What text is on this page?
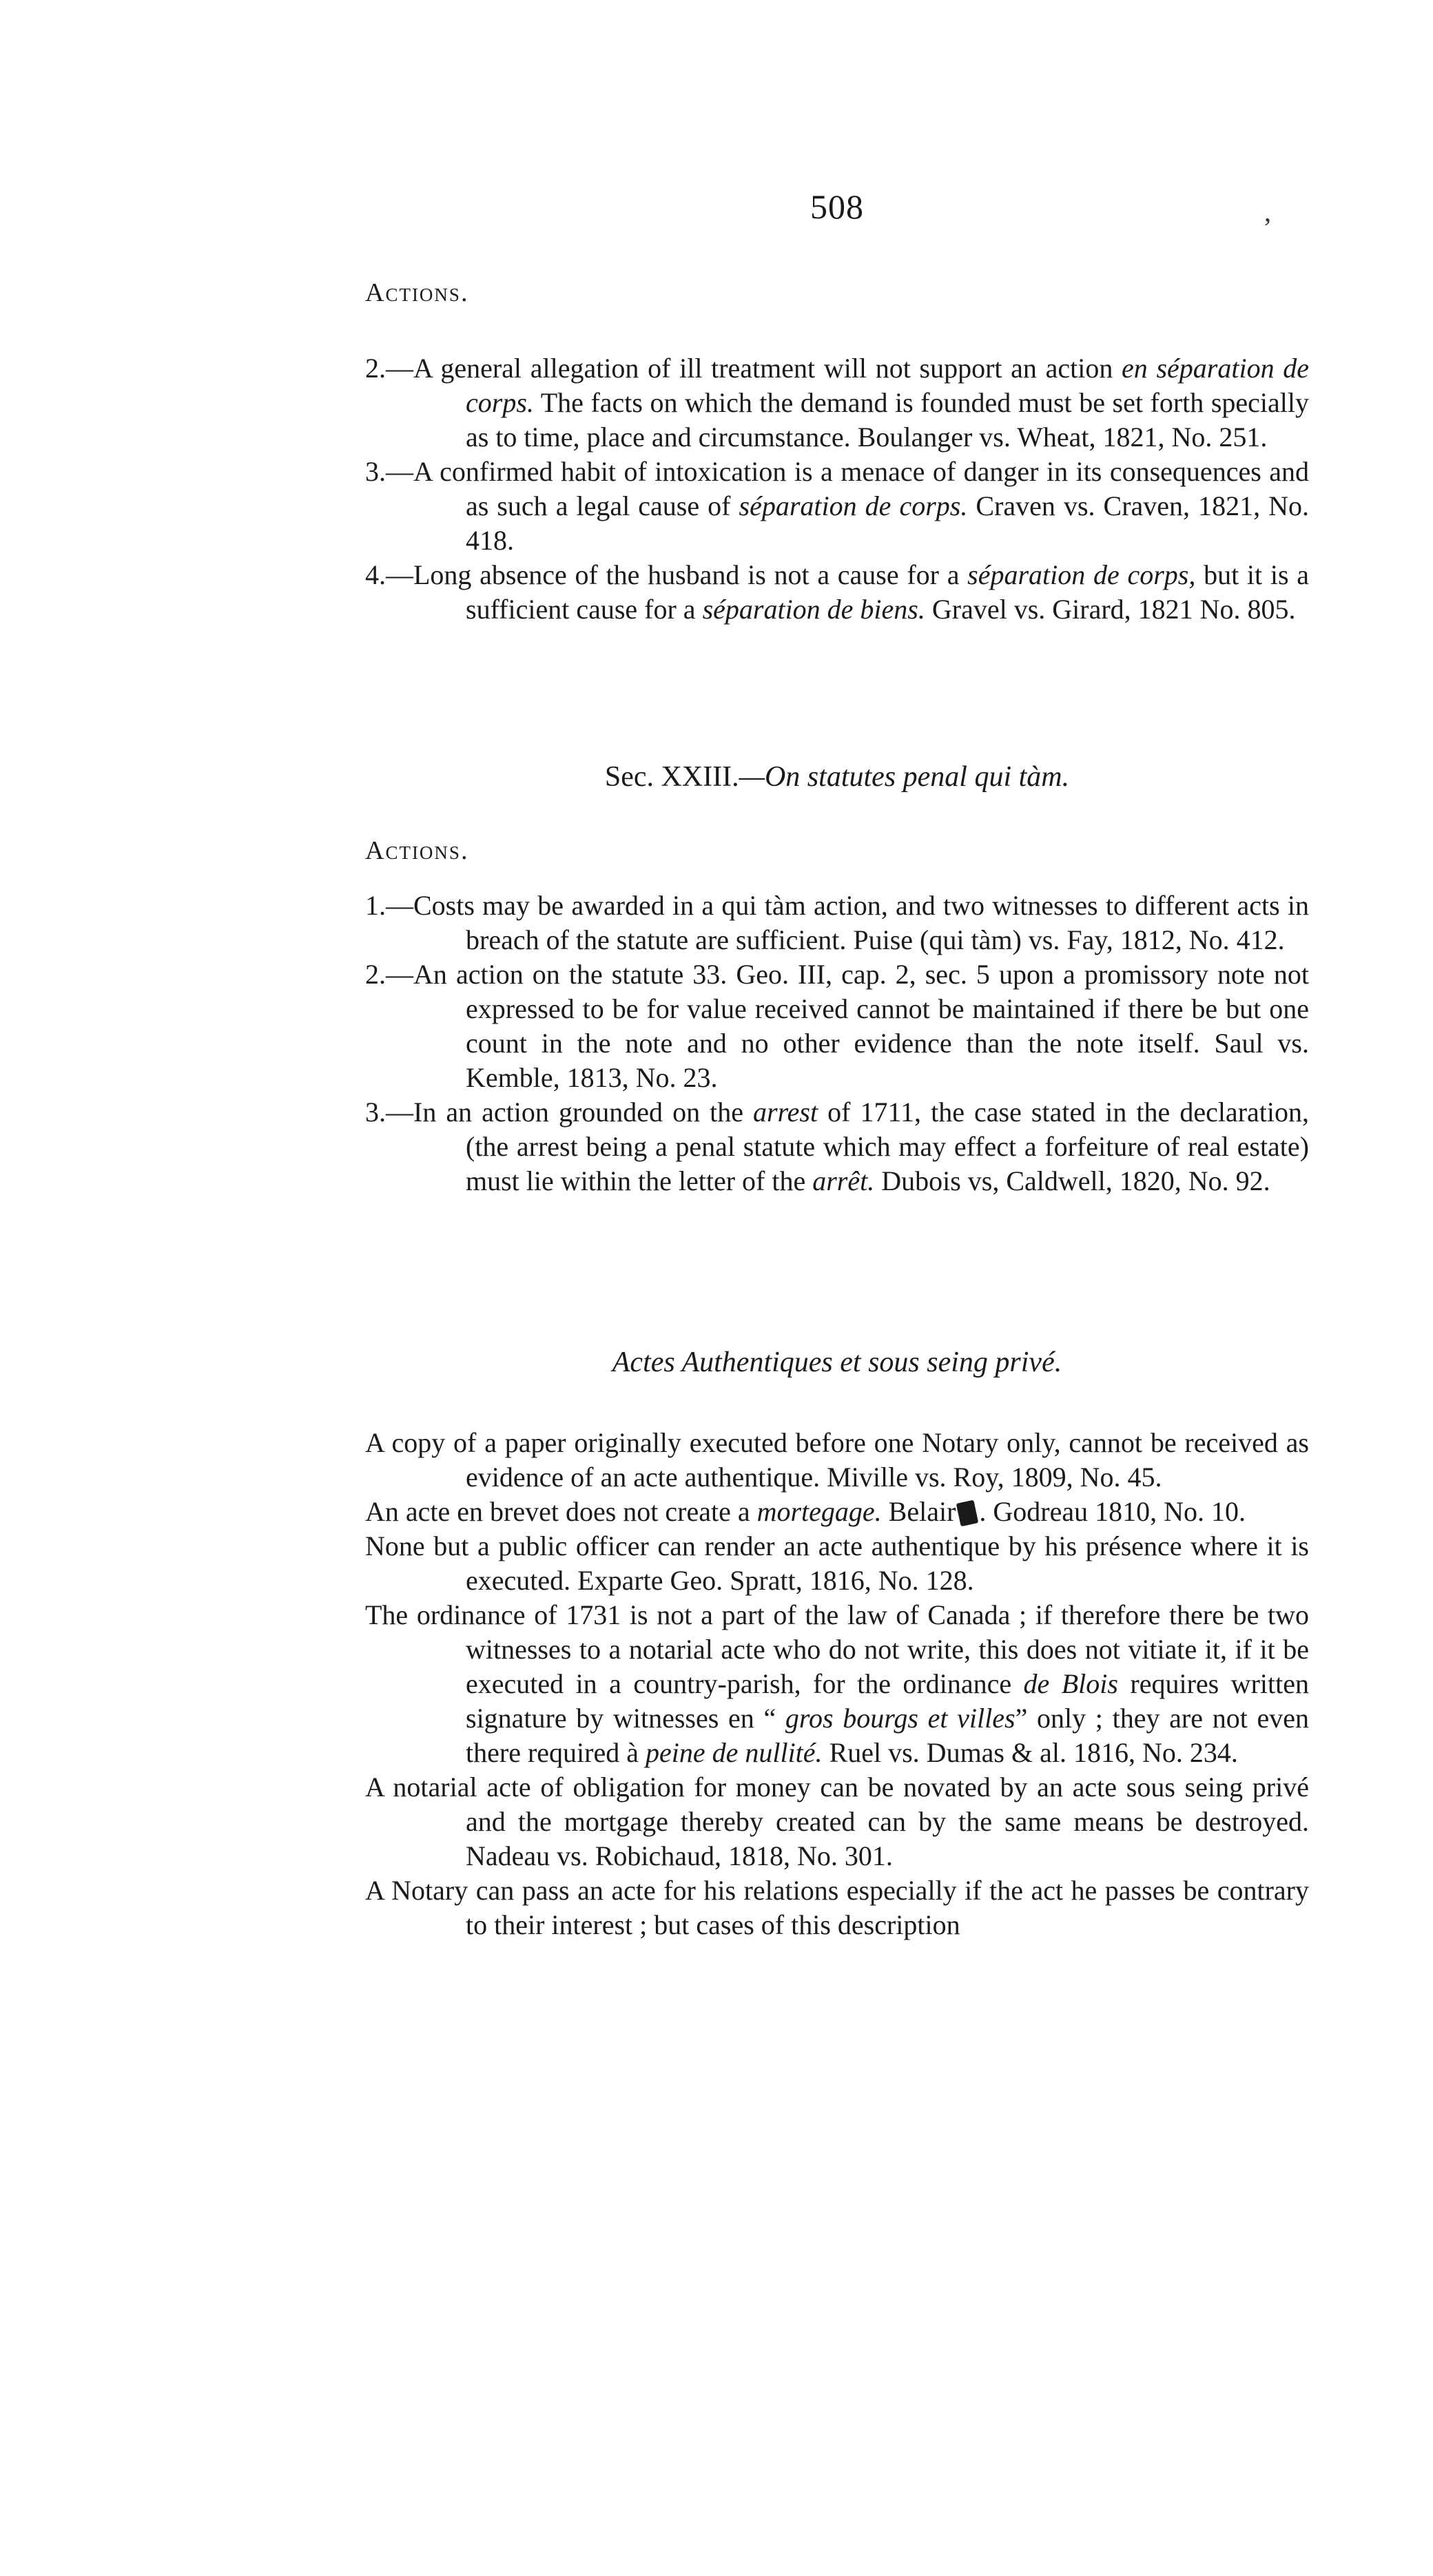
508	,
Actions.
2.—A general allegation of ill treatment will not support an action en séparation de corps. The facts on which the demand is founded must be set forth specially as to time, place and circumstance. Boulanger vs. Wheat, 1821, No. 251.
3.—A confirmed habit of intoxication is a menace of danger in its consequences and as such a legal cause of séparation de corps. Craven vs. Craven, 1821, No. 418.
4.—Long absence of the husband is not a cause for a séparation de corps, but it is a sufficient cause for a séparation de biens. Gravel vs. Girard, 1821 No. 805.
Sec. XXIII.—On statutes penal qui tàm.
Actions.
1.—Costs may be awarded in a qui tàm action, and two witnesses to different acts in breach of the statute are sufficient. Puise (qui tàm) vs. Fay, 1812, No. 412.
2.—An action on the statute 33. Geo. III, cap. 2, sec. 5 upon a promissory note not expressed to be for value received cannot be maintained if there be but one count in the note and no other evidence than the note itself. Saul vs. Kemble, 1813, No. 23.
3.—In an action grounded on the arrest of 1711, the case stated in the declaration, (the arrest being a penal statute which may effect a forfeiture of real estate) must lie within the letter of the arrêt. Dubois vs, Caldwell, 1820, No. 92.
Actes Authentiques et sous seing privé.
A copy of a paper originally executed before one Notary only, cannot be received as evidence of an acte authentique. Miville vs. Roy, 1809, No. 45.
An acte en brevet does not create a mortegage. Belair . Godreau 1810, No. 10.
None but a public officer can render an acte authentique by his présence where it is executed. Exparte Geo. Spratt, 1816, No. 128.
The ordinance of 1731 is not a part of the law of Canada ; if therefore there be two witnesses to a notarial acte who do not write, this does not vitiate it, if it be executed in a country-parish, for the ordinance de Blois requires written signature by witnesses en “ gros bourgs et villes” only ; they are not even there required à peine de nullité. Ruel vs. Dumas & al. 1816, No. 234.
A notarial acte of obligation for money can be novated by an acte sous seing privé and the mortgage thereby created can by the same means be destroyed. Nadeau vs. Robichaud, 1818, No. 301.
A Notary can pass an acte for his relations especially if the act he passes be contrary to their interest ; but cases of this description
